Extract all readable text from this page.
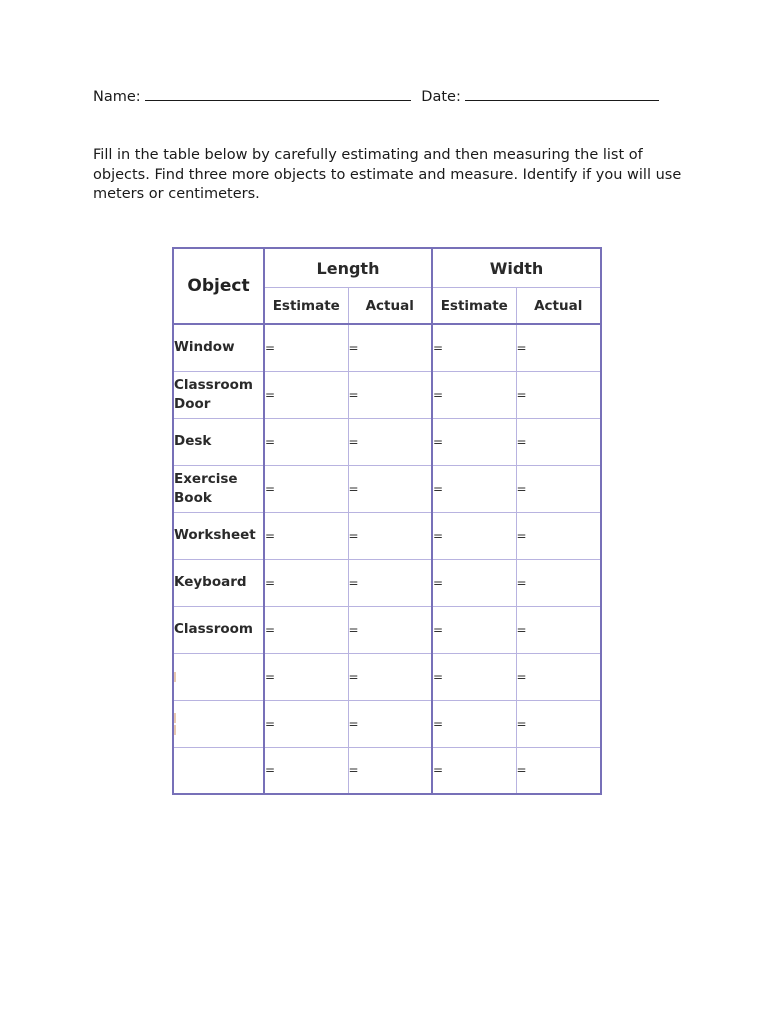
Name:	Date:

Fill in the table below by carefully estimating and then measuring the list of objects. Find three more objects to estimate and measure. Identify if you will use meters or centimeters.

Object	Length		Width	
	Estimate	Actual	Estimate	Actual
Window	=	=	=	=
Classroom Door	=	=	=	=
Desk	=	=	=	=
Exercise Book	=	=	=	=
Worksheet	=	=	=	=
Keyboard	=	=	=	=
Classroom	=	=	=	=

	=	=	=	=

	=	=	=	=
	=	=	=	=
